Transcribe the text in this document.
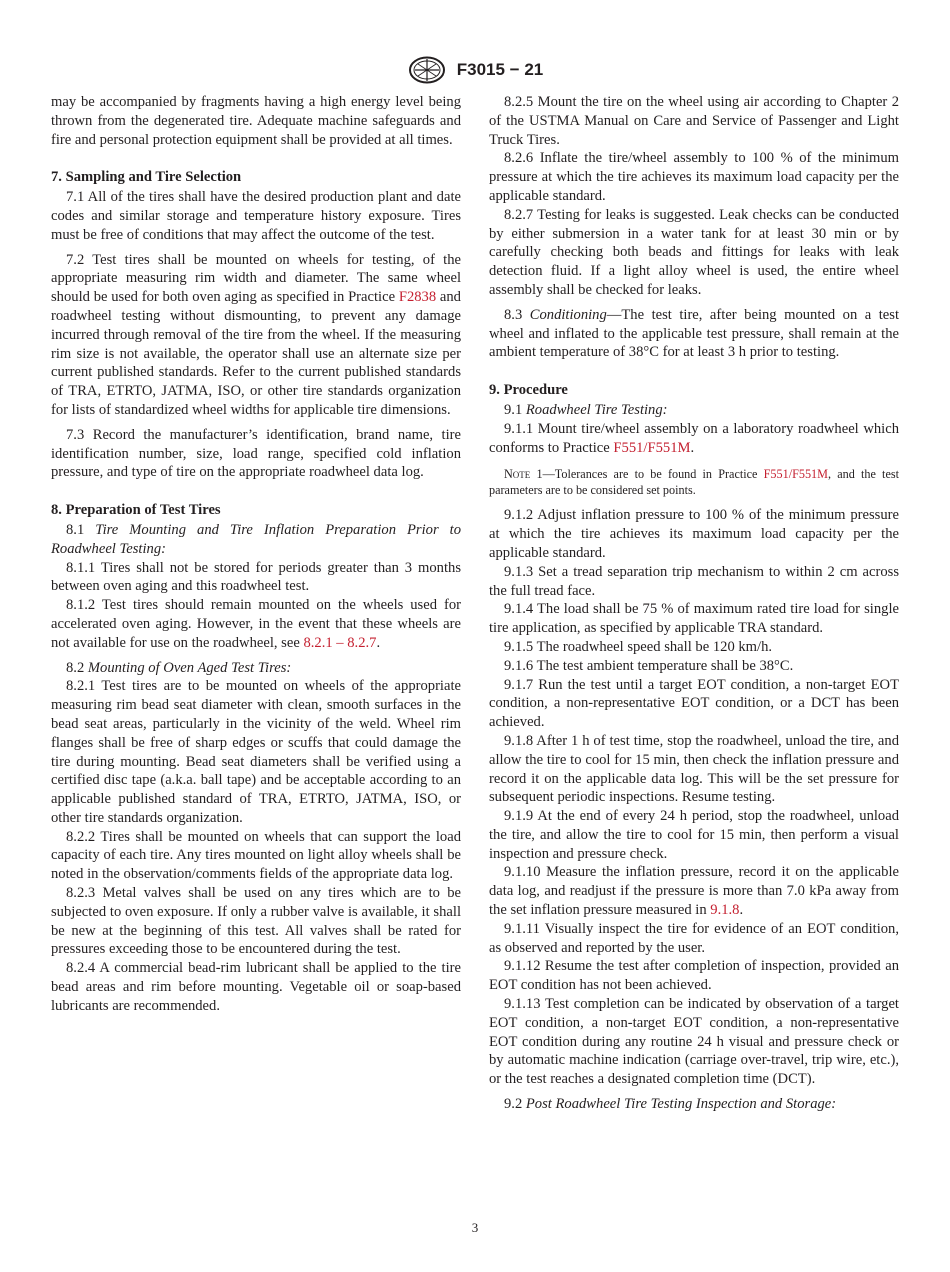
F3015 − 21

may be accompanied by fragments having a high energy level being thrown from the degenerated tire. Adequate machine safeguards and fire and personal protection equipment shall be provided at all times.

7. Sampling and Tire Selection

7.1 All of the tires shall have the desired production plant and date codes and similar storage and temperature history exposure. Tires must be free of conditions that may affect the outcome of the test.

7.2 Test tires shall be mounted on wheels for testing, of the appropriate measuring rim width and diameter. The same wheel should be used for both oven aging as specified in Practice F2838 and roadwheel testing without dismounting, to prevent any damage incurred through removal of the tire from the wheel. If the measuring rim size is not available, the operator shall use an alternate size per current published standards. Refer to the current published standards of TRA, ETRTO, JATMA, ISO, or other tire standards organization for lists of standardized wheel widths for applicable tire dimensions.

7.3 Record the manufacturer’s identification, brand name, tire identification number, size, load range, specified cold inflation pressure, and type of tire on the appropriate roadwheel data log.

8. Preparation of Test Tires

8.1 Tire Mounting and Tire Inflation Preparation Prior to Roadwheel Testing:

8.1.1 Tires shall not be stored for periods greater than 3 months between oven aging and this roadwheel test.

8.1.2 Test tires should remain mounted on the wheels used for accelerated oven aging. However, in the event that these wheels are not available for use on the roadwheel, see 8.2.1 – 8.2.7.

8.2 Mounting of Oven Aged Test Tires:

8.2.1 Test tires are to be mounted on wheels of the appropriate measuring rim bead seat diameter with clean, smooth surfaces in the bead seat areas, particularly in the vicinity of the weld. Wheel rim flanges shall be free of sharp edges or scuffs that could damage the tire during mounting. Bead seat diameters shall be verified using a certified disc tape (a.k.a. ball tape) and be acceptable according to an applicable published standard of TRA, ETRTO, JATMA, ISO, or other tire standards organization.

8.2.2 Tires shall be mounted on wheels that can support the load capacity of each tire. Any tires mounted on light alloy wheels shall be noted in the observation/comments fields of the appropriate data log.

8.2.3 Metal valves shall be used on any tires which are to be subjected to oven exposure. If only a rubber valve is available, it shall be new at the beginning of this test. All valves shall be rated for pressures exceeding those to be encountered during the test.

8.2.4 A commercial bead-rim lubricant shall be applied to the tire bead areas and rim before mounting. Vegetable oil or soap-based lubricants are recommended.

8.2.5 Mount the tire on the wheel using air according to Chapter 2 of the USTMA Manual on Care and Service of Passenger and Light Truck Tires.

8.2.6 Inflate the tire/wheel assembly to 100 % of the minimum pressure at which the tire achieves its maximum load capacity per the applicable standard.

8.2.7 Testing for leaks is suggested. Leak checks can be conducted by either submersion in a water tank for at least 30 min or by carefully checking both beads and fittings for leaks with leak detection fluid. If a light alloy wheel is used, the entire wheel assembly shall be checked for leaks.

8.3 Conditioning—The test tire, after being mounted on a test wheel and inflated to the applicable test pressure, shall remain at the ambient temperature of 38°C for at least 3 h prior to testing.

9. Procedure

9.1 Roadwheel Tire Testing:

9.1.1 Mount tire/wheel assembly on a laboratory roadwheel which conforms to Practice F551/F551M.

Note 1—Tolerances are to be found in Practice F551/F551M, and the test parameters are to be considered set points.

9.1.2 Adjust inflation pressure to 100 % of the minimum pressure at which the tire achieves its maximum load capacity per the applicable standard.

9.1.3 Set a tread separation trip mechanism to within 2 cm across the full tread face.

9.1.4 The load shall be 75 % of maximum rated tire load for single tire application, as specified by applicable TRA standard.

9.1.5 The roadwheel speed shall be 120 km/h.

9.1.6 The test ambient temperature shall be 38°C.

9.1.7 Run the test until a target EOT condition, a non-target EOT condition, a non-representative EOT condition, or a DCT has been achieved.

9.1.8 After 1 h of test time, stop the roadwheel, unload the tire, and allow the tire to cool for 15 min, then check the inflation pressure and record it on the applicable data log. This will be the set pressure for subsequent periodic inspections. Resume testing.

9.1.9 At the end of every 24 h period, stop the roadwheel, unload the tire, and allow the tire to cool for 15 min, then perform a visual inspection and pressure check.

9.1.10 Measure the inflation pressure, record it on the applicable data log, and readjust if the pressure is more than 7.0 kPa away from the set inflation pressure measured in 9.1.8.

9.1.11 Visually inspect the tire for evidence of an EOT condition, as observed and reported by the user.

9.1.12 Resume the test after completion of inspection, provided an EOT condition has not been achieved.

9.1.13 Test completion can be indicated by observation of a target EOT condition, a non-target EOT condition, a non-representative EOT condition during any routine 24 h visual and pressure check or by automatic machine indication (carriage over-travel, trip wire, etc.), or the test reaches a designated completion time (DCT).

9.2 Post Roadwheel Tire Testing Inspection and Storage:

3
